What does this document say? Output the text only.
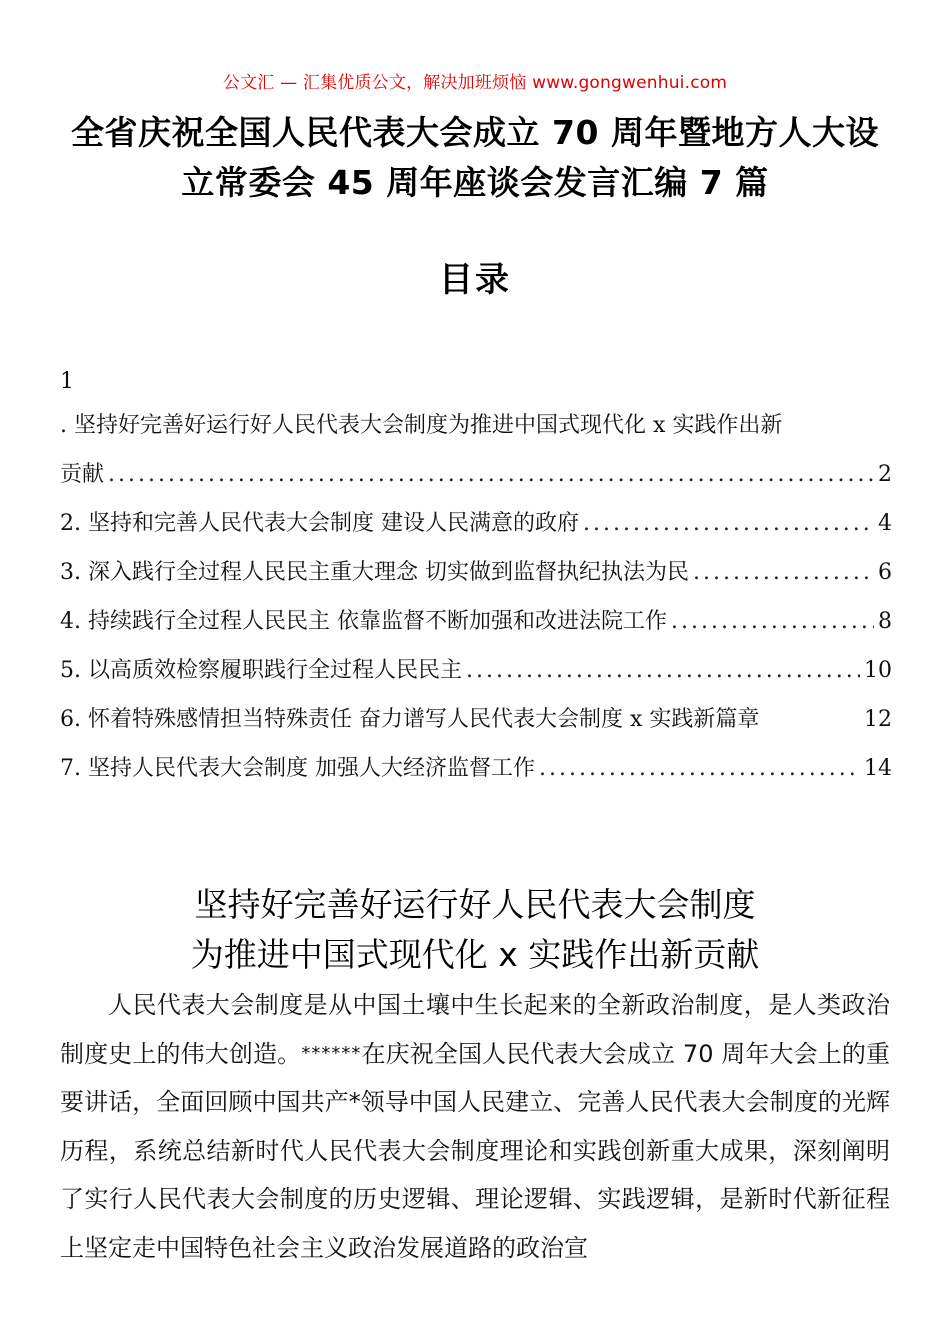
公文汇 — 汇集优质公文，解决加班烦恼 www.gongwenhui.com
全省庆祝全国人民代表大会成立 70 周年暨地方人大设
立常委会 45 周年座谈会发言汇编 7 篇
目录
1
. 坚持好完善好运行好人民代表大会制度为推进中国式现代化 x 实践作出新
贡献 .....	2
2. 坚持和完善人民代表大会制度 建设人民满意的政府 .....	4
3. 深入践行全过程人民民主重大理念 切实做到监督执纪执法为民 .....	6
4. 持续践行全过程人民民主 依靠监督不断加强和改进法院工作 .....	8
5. 以高质效检察履职践行全过程人民民主 .....	10
6. 怀着特殊感情担当特殊责任 奋力谱写人民代表大会制度 x 实践新篇章	12
7. 坚持人民代表大会制度 加强人大经济监督工作 .....	14
坚持好完善好运行好人民代表大会制度
为推进中国式现代化 x 实践作出新贡献
人民代表大会制度是从中国土壤中生长起来的全新政治制度，是人类政治制度史上的伟大创造。******在庆祝全国人民代表大会成立 70 周年大会上的重要讲话，全面回顾中国共产*领导中国人民建立、完善人民代表大会制度的光辉历程，系统总结新时代人民代表大会制度理论和实践创新重大成果，深刻阐明了实行人民代表大会制度的历史逻辑、理论逻辑、实践逻辑，是新时代新征程上坚定走中国特色社会主义政治发展道路的政治宣
